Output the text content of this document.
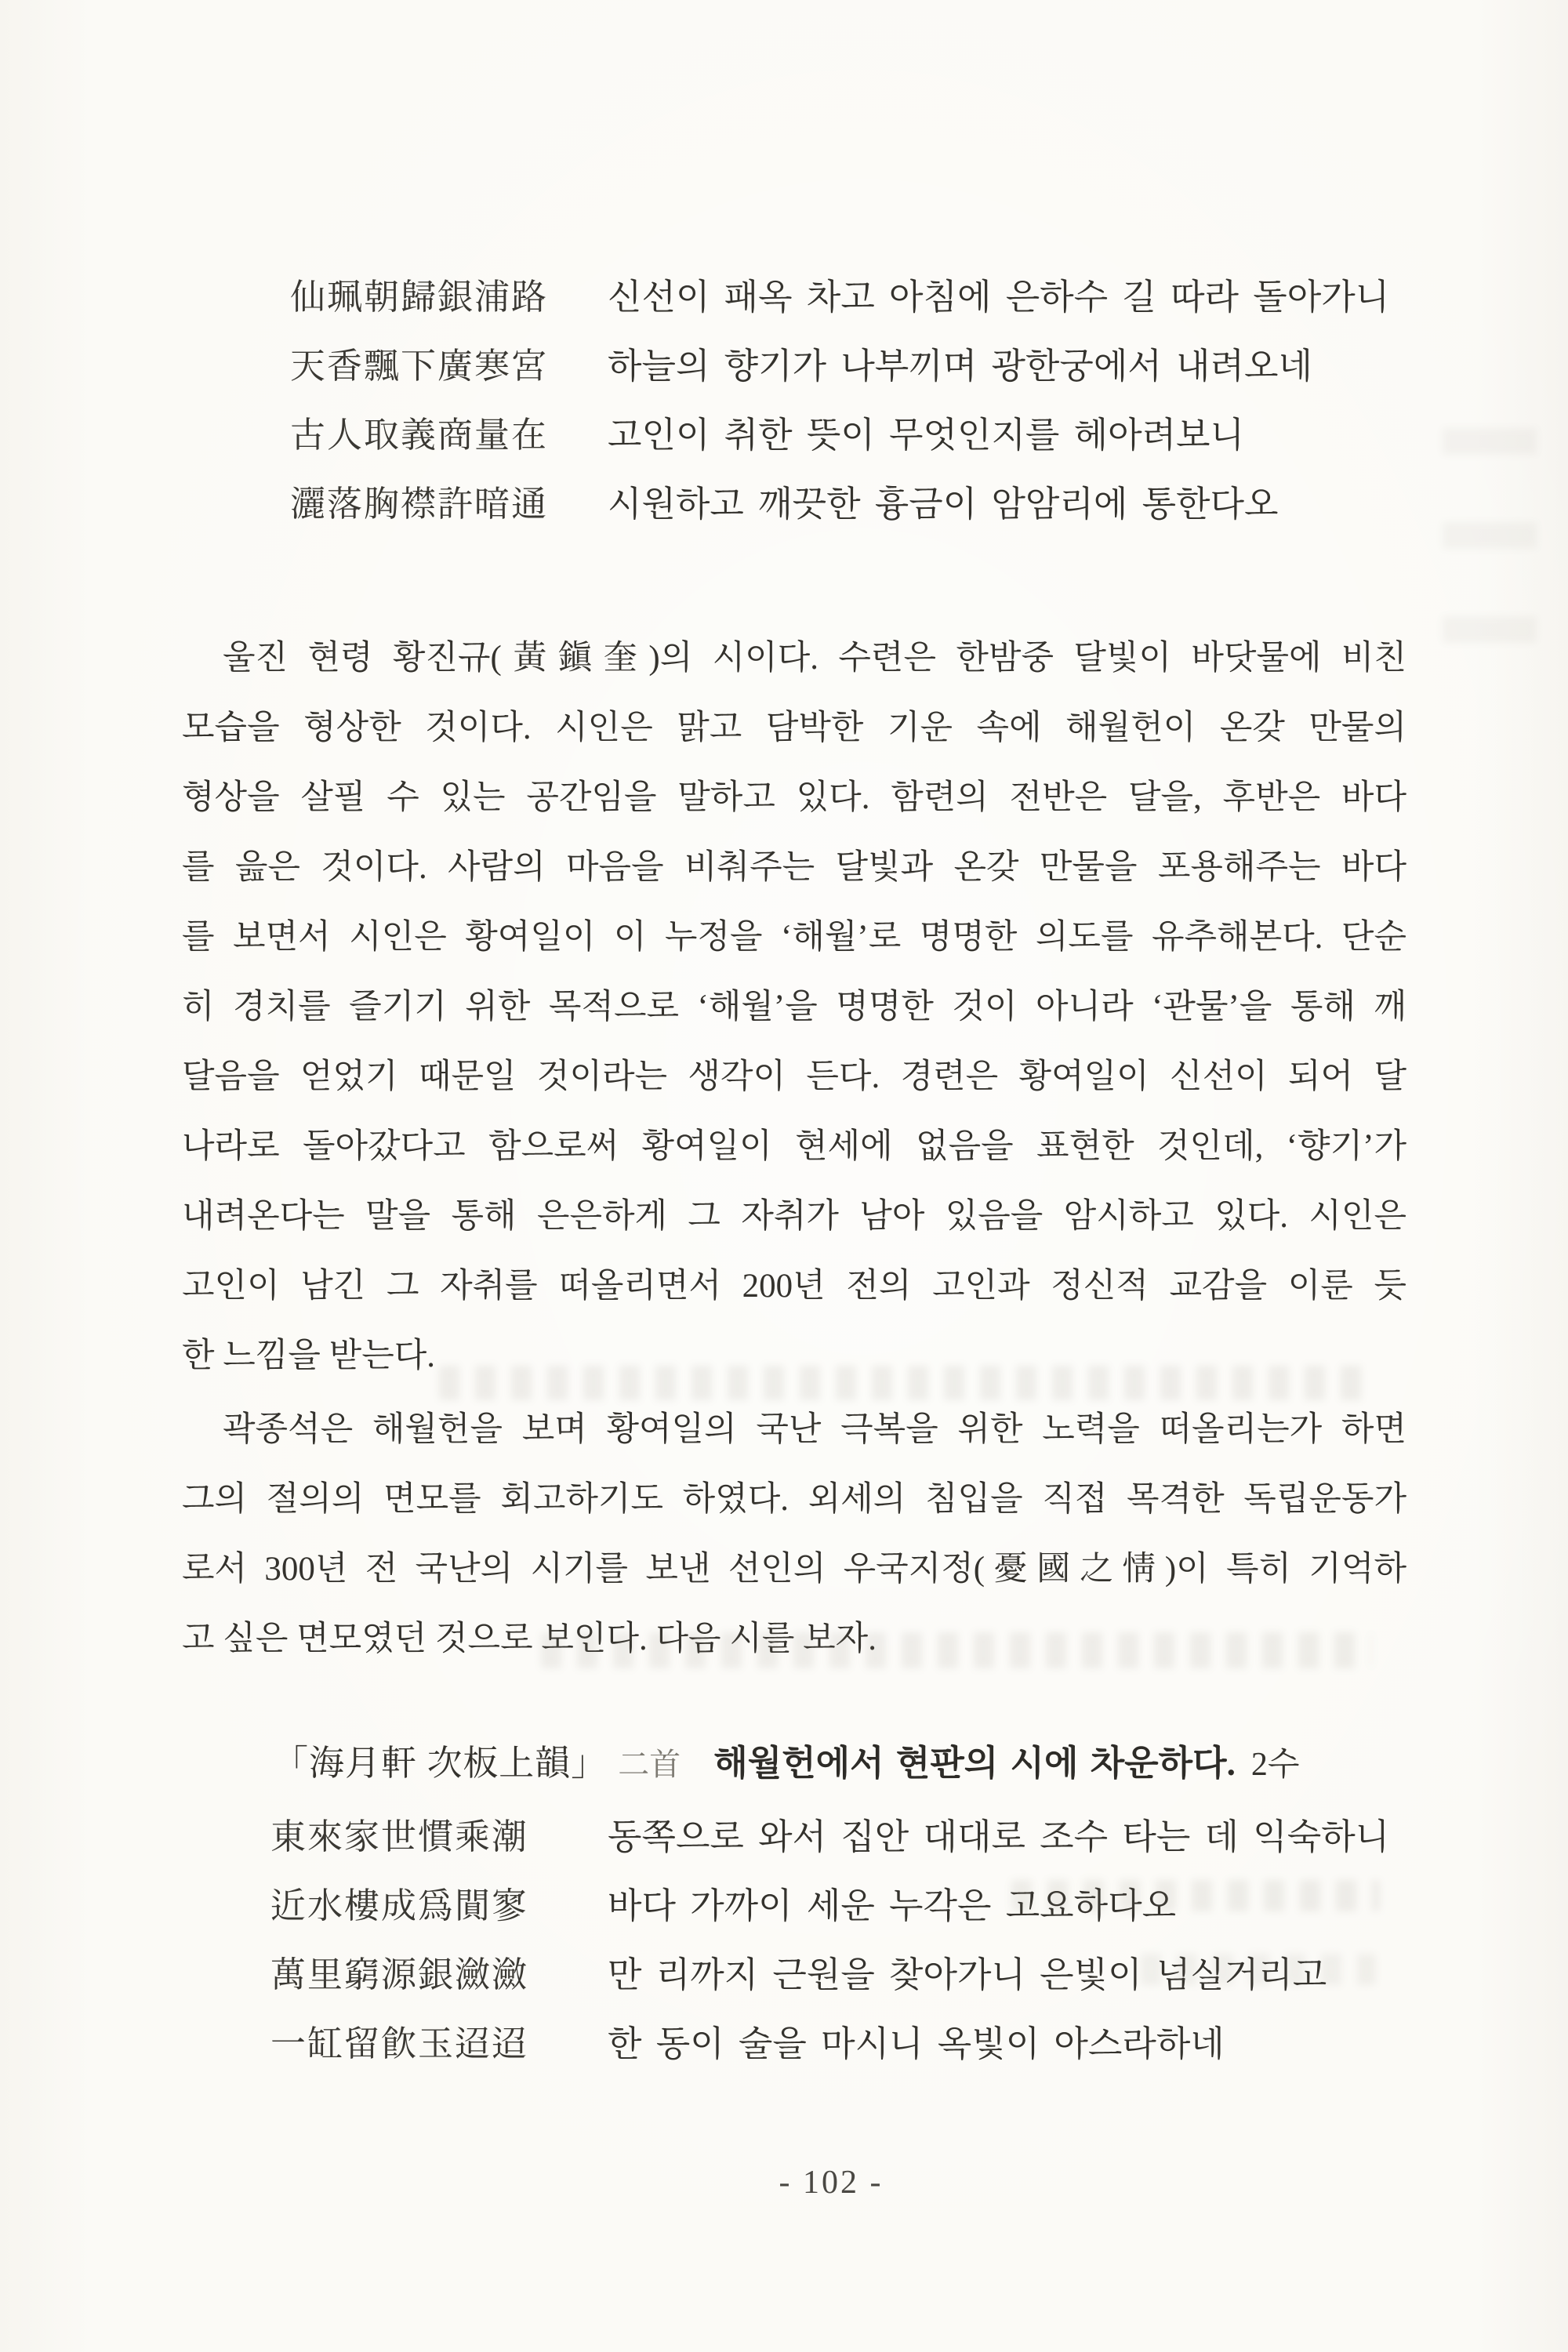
仙珮朝歸銀浦路	신선이 패옥 차고 아침에 은하수 길 따라 돌아가니
天香飄下廣寒宮	하늘의 향기가 나부끼며 광한궁에서 내려오네
古人取義商量在	고인이 취한 뜻이 무엇인지를 헤아려보니
灑落胸襟許暗通	시원하고 깨끗한 흉금이 암암리에 통한다오
울진 현령 황진규(黃鎭奎)의 시이다. 수련은 한밤중 달빛이 바닷물에 비친
모습을 형상한 것이다. 시인은 맑고 담박한 기운 속에 해월헌이 온갖 만물의
형상을 살필 수 있는 공간임을 말하고 있다. 함련의 전반은 달을, 후반은 바다
를 읊은 것이다. 사람의 마음을 비춰주는 달빛과 온갖 만물을 포용해주는 바다
를 보면서 시인은 황여일이 이 누정을 ‘해월’로 명명한 의도를 유추해본다. 단순
히 경치를 즐기기 위한 목적으로 ‘해월’을 명명한 것이 아니라 ‘관물’을 통해 깨
달음을 얻었기 때문일 것이라는 생각이 든다. 경련은 황여일이 신선이 되어 달
나라로 돌아갔다고 함으로써 황여일이 현세에 없음을 표현한 것인데, ‘향기’가
내려온다는 말을 통해 은은하게 그 자취가 남아 있음을 암시하고 있다. 시인은
고인이 남긴 그 자취를 떠올리면서 200년 전의 고인과 정신적 교감을 이룬 듯
한 느낌을 받는다.
곽종석은 해월헌을 보며 황여일의 국난 극복을 위한 노력을 떠올리는가 하면
그의 절의의 면모를 회고하기도 하였다. 외세의 침입을 직접 목격한 독립운동가
로서 300년 전 국난의 시기를 보낸 선인의 우국지정(憂國之情)이 특히 기억하
고 싶은 면모였던 것으로 보인다. 다음 시를 보자.
「海月軒 次板上韻」 二首 해월헌에서 현판의 시에 차운하다. 2수
東來家世慣乘潮	동쪽으로 와서 집안 대대로 조수 타는 데 익숙하니
近水樓成爲閴寥	바다 가까이 세운 누각은 고요하다오
萬里窮源銀瀲瀲	만 리까지 근원을 찾아가니 은빛이 넘실거리고
一缸留飮玉迢迢	한 동이 술을 마시니 옥빛이 아스라하네
- 102 -
